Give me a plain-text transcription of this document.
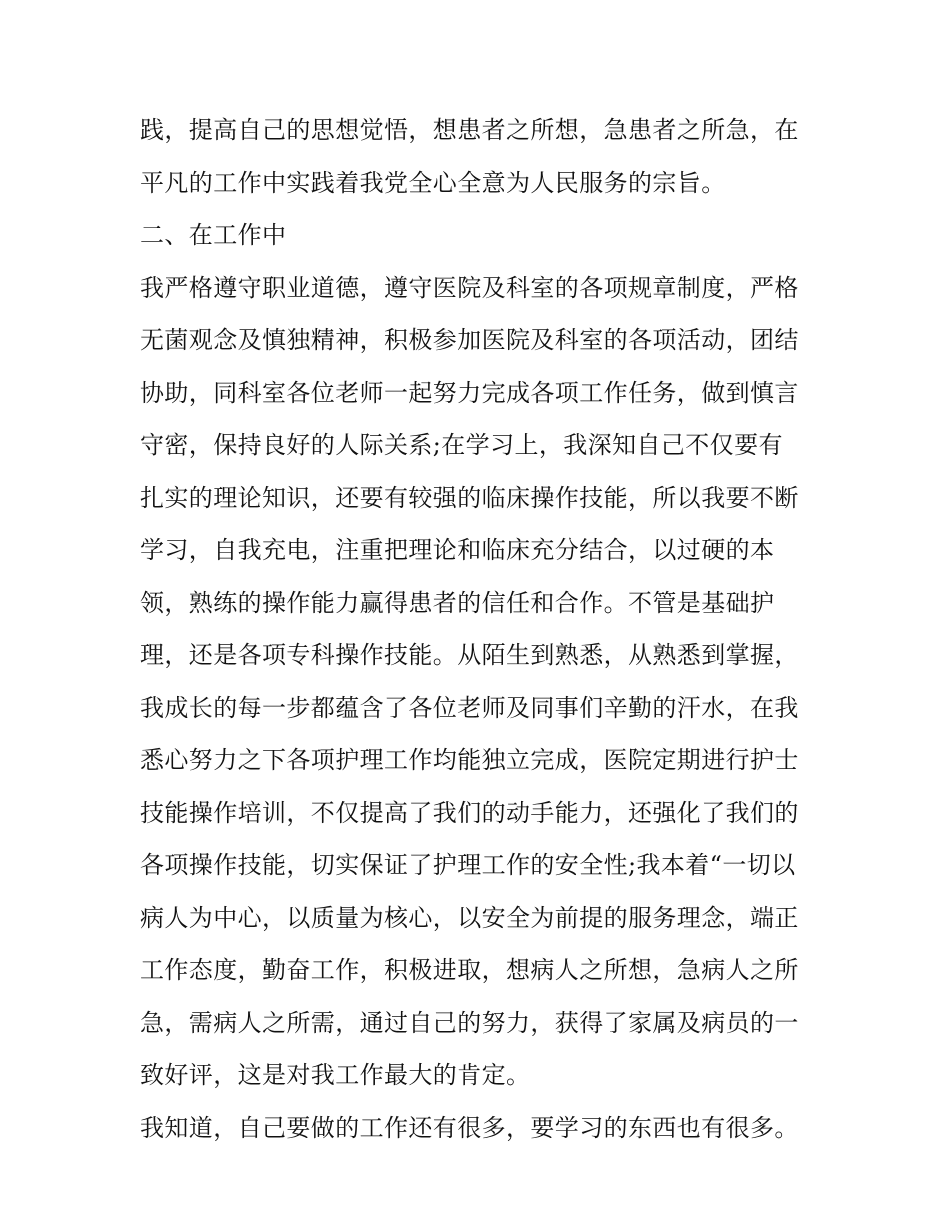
践，提高自己的思想觉悟，想患者之所想，急患者之所急，在
平凡的工作中实践着我党全心全意为人民服务的宗旨。
二、在工作中
我严格遵守职业道德，遵守医院及科室的各项规章制度，严格
无菌观念及慎独精神，积极参加医院及科室的各项活动，团结
协助，同科室各位老师一起努力完成各项工作任务，做到慎言
守密，保持良好的人际关系;在学习上，我深知自己不仅要有
扎实的理论知识，还要有较强的临床操作技能，所以我要不断
学习，自我充电，注重把理论和临床充分结合，以过硬的本
领，熟练的操作能力赢得患者的信任和合作。不管是基础护
理，还是各项专科操作技能。从陌生到熟悉，从熟悉到掌握，
我成长的每一步都蕴含了各位老师及同事们辛勤的汗水，在我
悉心努力之下各项护理工作均能独立完成，医院定期进行护士
技能操作培训，不仅提高了我们的动手能力，还强化了我们的
各项操作技能，切实保证了护理工作的安全性;我本着“一切以
病人为中心，以质量为核心，以安全为前提的服务理念，端正
工作态度，勤奋工作，积极进取，想病人之所想，急病人之所
急，需病人之所需，通过自己的努力，获得了家属及病员的一
致好评，这是对我工作最大的肯定。
我知道，自己要做的工作还有很多，要学习的东西也有很多。
